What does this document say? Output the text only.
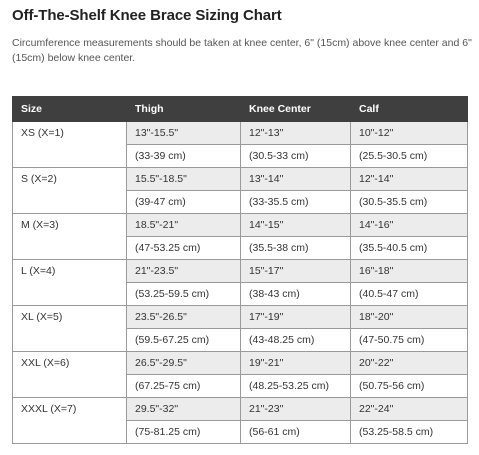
Off-The-Shelf Knee Brace Sizing Chart

Circumference measurements should be taken at knee center, 6" (15cm) above knee center and 6" (15cm) below knee center.

Size	Thigh	Knee Center	Calf
XS (X=1)	13"-15.5"	12"-13"	10"-12"
	(33-39 cm)	(30.5-33 cm)	(25.5-30.5 cm)
S (X=2)	15.5"-18.5"	13"-14"	12"-14"
	(39-47 cm)	(33-35.5 cm)	(30.5-35.5 cm)
M (X=3)	18.5"-21"	14"-15"	14"-16"
	(47-53.25 cm)	(35.5-38 cm)	(35.5-40.5 cm)
L (X=4)	21"-23.5"	15"-17"	16"-18"
	(53.25-59.5 cm)	(38-43 cm)	(40.5-47 cm)
XL (X=5)	23.5"-26.5"	17"-19"	18"-20"
	(59.5-67.25 cm)	(43-48.25 cm)	(47-50.75 cm)
XXL (X=6)	26.5"-29.5"	19"-21"	20"-22"
	(67.25-75 cm)	(48.25-53.25 cm)	(50.75-56 cm)
XXXL (X=7)	29.5"-32"	21"-23"	22"-24"
	(75-81.25 cm)	(56-61 cm)	(53.25-58.5 cm)
